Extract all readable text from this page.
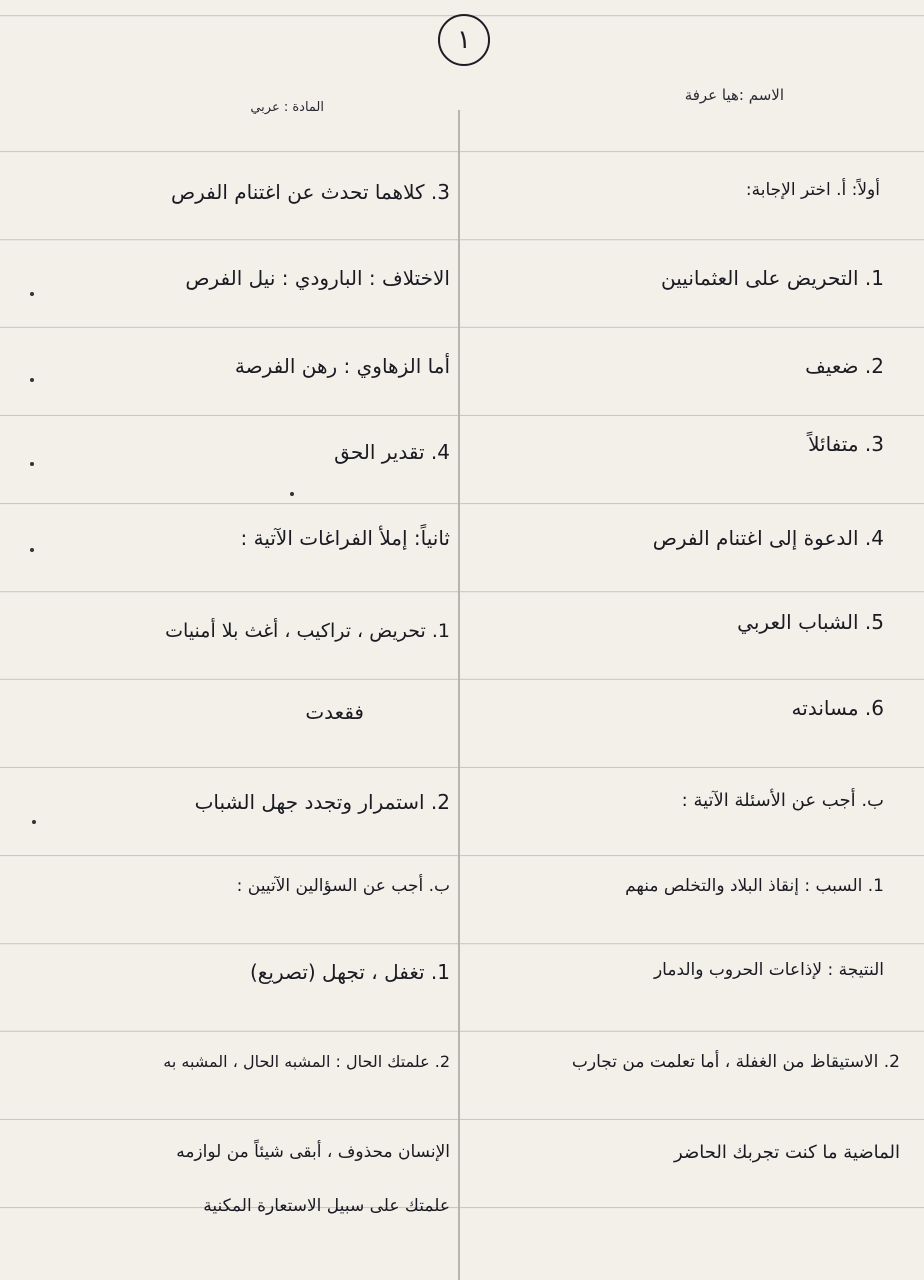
١
الاسم :هيا عرفة
المادة : عربي
أولاً: أ. اختر الإجابة:
1. التحريض على العثمانيين
2. ضعيف
3. متفائلاً
4. الدعوة إلى اغتنام الفرص
5. الشباب العربي
6. مساندته
ب. أجب عن الأسئلة الآتية :
1. السبب : إنقاذ البلاد والتخلص منهم
النتيجة : لإذاعات الحروب والدمار
2. الاستيقاظ من الغفلة ، أما تعلمت من تجارب
الماضية ما كنت تجربك الحاضر
3. كلاهما تحدث عن اغتنام الفرص
الاختلاف : البارودي : نيل الفرص
أما الزهاوي : رهن الفرصة
4. تقدير الحق
ثانياً: إملأ الفراغات الآتية :
1. تحريض ، تراكيب ، أغث بلا أمنيات
فقعدت
2. استمرار وتجدد جهل الشباب
ب. أجب عن السؤالين الآتيين :
1. تغفل ، تجهل (تصريع)
2. علمتك الحال : المشبه الحال ، المشبه به
الإنسان محذوف ، أبقى شيئاً من لوازمه
علمتك على سبيل الاستعارة المكنية
